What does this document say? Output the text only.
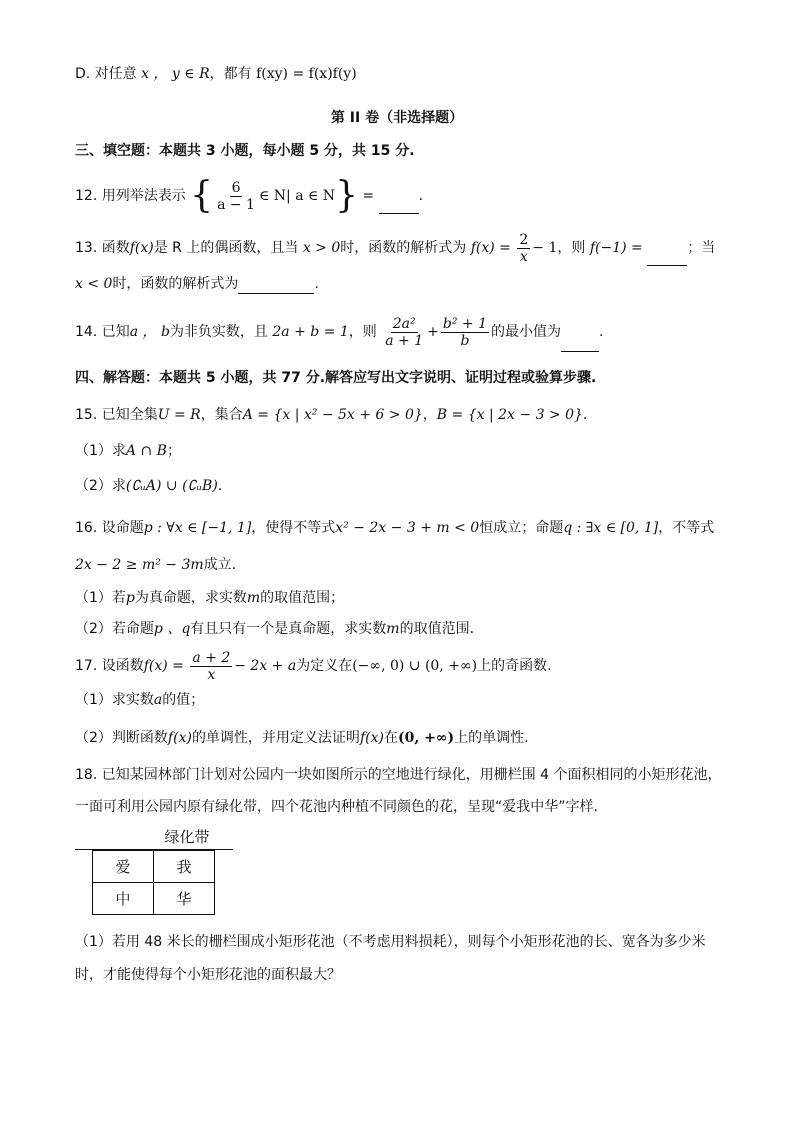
D. 对任意 x ， y ∈ R，都有 f(xy) = f(x)f(y)
第 II 卷（非选择题）
三、填空题：本题共 3 小题，每小题 5 分，共 15 分.
12. 用列举法表示 { $\frac{6}{a - 1}$ ∈ N| a ∈ N} =	.
13. 函数f(x)是 R 上的偶函数，且当 x > 0时，函数的解析式为 $f(x) = \frac{2}{x} - 1$，则 f(−1) =	；当
x < 0时，函数的解析式为	.
14. 已知a ， b为非负实数，且 2a + b = 1，则 $\frac{\text{2a²}}{a + 1} + \frac{\text{b² + 1}}{b}$ 的最小值为	.
四、解答题：本题共 5 小题，共 77 分.解答应写出文字说明、证明过程或验算步骤.
15. 已知全集U = R，集合A = {x | x² − 5x + 6 > 0}，B = {x | 2x − 3 > 0}.
（1）求A ∩ B；
（2）求(∁ᵤA) ∪ (∁ᵤB).
16. 设命题p : ∀x ∈ [−1, 1]，使得不等式x² − 2x − 3 + m < 0恒成立；命题q : ∃x ∈ [0, 1]，不等式
2x − 2 ≥ m² − 3m成立.
（1）若p为真命题，求实数m的取值范围；
（2）若命题p 、q有且只有一个是真命题，求实数m的取值范围.
17. 设函数$f(x) = \frac{a + 2}{x} - 2x + a$为定义在(−∞, 0) ∪ (0, +∞)上的奇函数.
（1）求实数a的值；
（2）判断函数f(x)的单调性，并用定义法证明f(x)在(0, +∞)上的单调性.
18. 已知某园林部门计划对公园内一块如图所示的空地进行绿化，用栅栏围 4 个面积相同的小矩形花池，
一面可利用公园内原有绿化带，四个花池内种植不同颜色的花，呈现“爱我中华”字样.
绿化带
爱	我
中	华
（1）若用 48 米长的栅栏围成小矩形花池（不考虑用料损耗），则每个小矩形花池的长、宽各为多少米
时，才能使得每个小矩形花池的面积最大？
